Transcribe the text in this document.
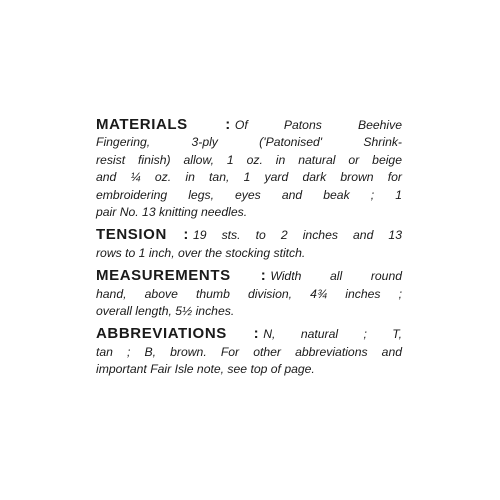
MATERIALS : Of Patons Beehive
Fingering, 3-ply ('Patonised' Shrink-
resist finish) allow, 1 oz. in natural or beige
and ¼ oz. in tan, 1 yard dark brown for
embroidering legs, eyes and beak ; 1
pair No. 13 knitting needles.
TENSION : 19 sts. to 2 inches and 13
rows to 1 inch, over the stocking stitch.
MEASUREMENTS : Width all round
hand, above thumb division, 4¾ inches ;
overall length, 5½ inches.
ABBREVIATIONS : N, natural ; T,
tan ; B, brown. For other abbreviations and
important Fair Isle note, see top of page.
